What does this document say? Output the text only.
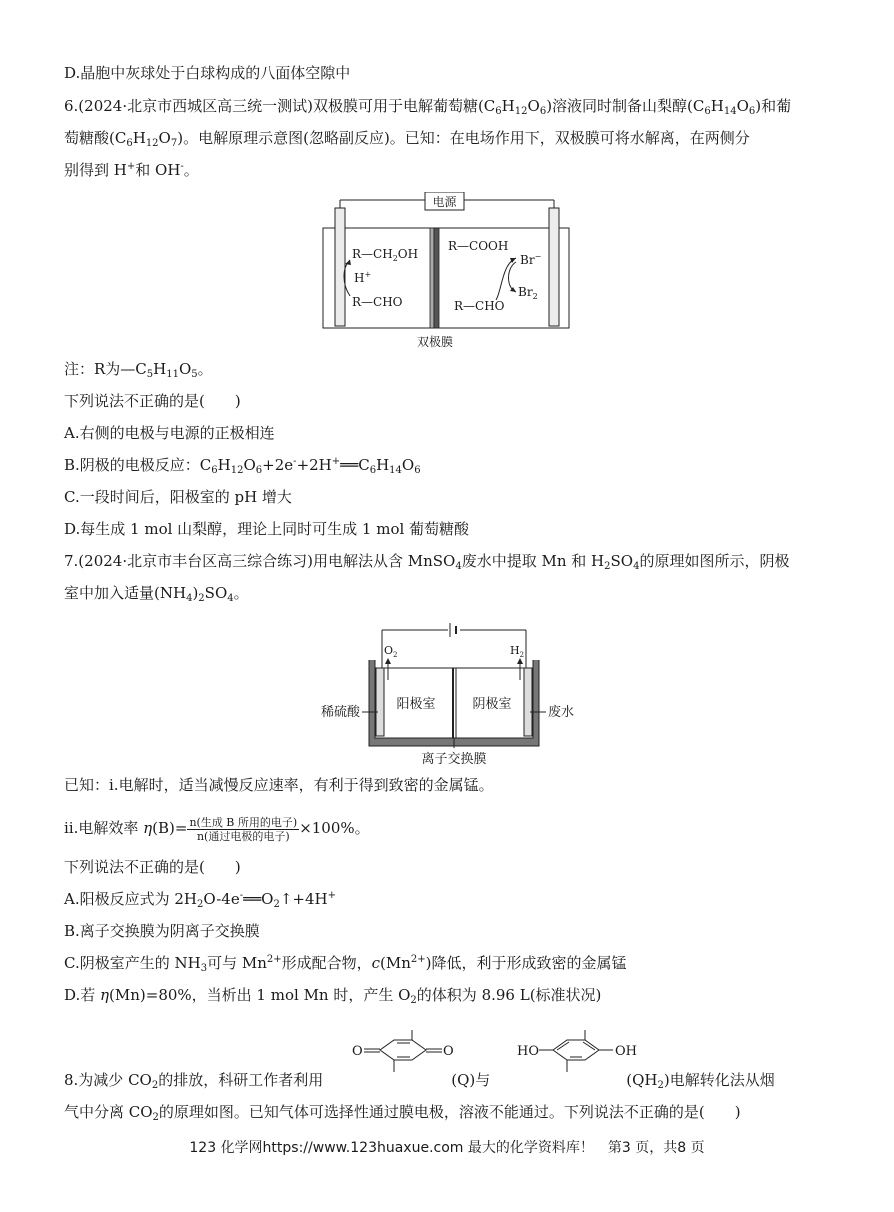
D.晶胞中灰球处于白球构成的八面体空隙中
6.(2024·北京市西城区高三统一测试)双极膜可用于电解葡萄糖$(C_6H_{12}O_6)$溶液同时制备山梨醇$(C_6H_{14}O_6)$和葡
萄糖酸$(C_6H_{12}O_7)$。电解原理示意图(忽略副反应)。已知：在电场作用下，双极膜可将水解离，在两侧分
别得到 H+和 OH-。
电源
$R—CH_2OH$
H+
R—CHO
R—COOH
R—CHO
Br−
$Br_2$
双极膜
注：R为$—C_5H_{11}O_5$。
下列说法不正确的是(　　)
A.右侧的电极与电源的正极相连
B.阴极的电极反应：$C_6H_{12}O_6+2e^-+2H^+══C_6H_{14}O_6$
C.一段时间后，阳极室的 pH 增大
D.每生成 1 mol 山梨醇，理论上同时可生成 1 mol 葡萄糖酸
7.(2024·北京市丰台区高三综合练习)用电解法从含 MnSO$_4$废水中提取 Mn 和 $H_2SO_4$的原理如图所示，阴极
室中加入适量$(NH_4)_2SO_4$。
$O_2$	$H_2$
阳极室	阴极室
稀硫酸	废水
离子交换膜
已知：ⅰ.电解时，适当减慢反应速率，有利于得到致密的金属锰。
ⅱ.电解效率 $\eta(B)= \frac{\text{n(生成 B 所用的电子)}}{\text{n(通过电极的电子)}} \times 100\%$。
下列说法不正确的是(　　)
A.阳极反应式为 $2H_2O-4e^-══O_2↑+4H^+$
B.离子交换膜为阴离子交换膜
C.阴极室产生的 $NH_3$可与 $Mn^{2+}$形成配合物，$c(Mn^{2+})$降低，利于形成致密的金属锰
D.若 η(Mn)=80%，当析出 1 mol Mn 时，产生 $O_2$的体积为 8.96 L(标准状况)
O	O	HO	OH
8.为减少 $CO_2$的排放，科研工作者利用	(Q)与	$(QH_2)$电解转化法从烟
气中分离 $CO_2$的原理如图。已知气体可选择性通过膜电极，溶液不能通过。下列说法不正确的是(　　)
123 化学网https://www.123huaxue.com 最大的化学资料库！　第3 页，共8 页
